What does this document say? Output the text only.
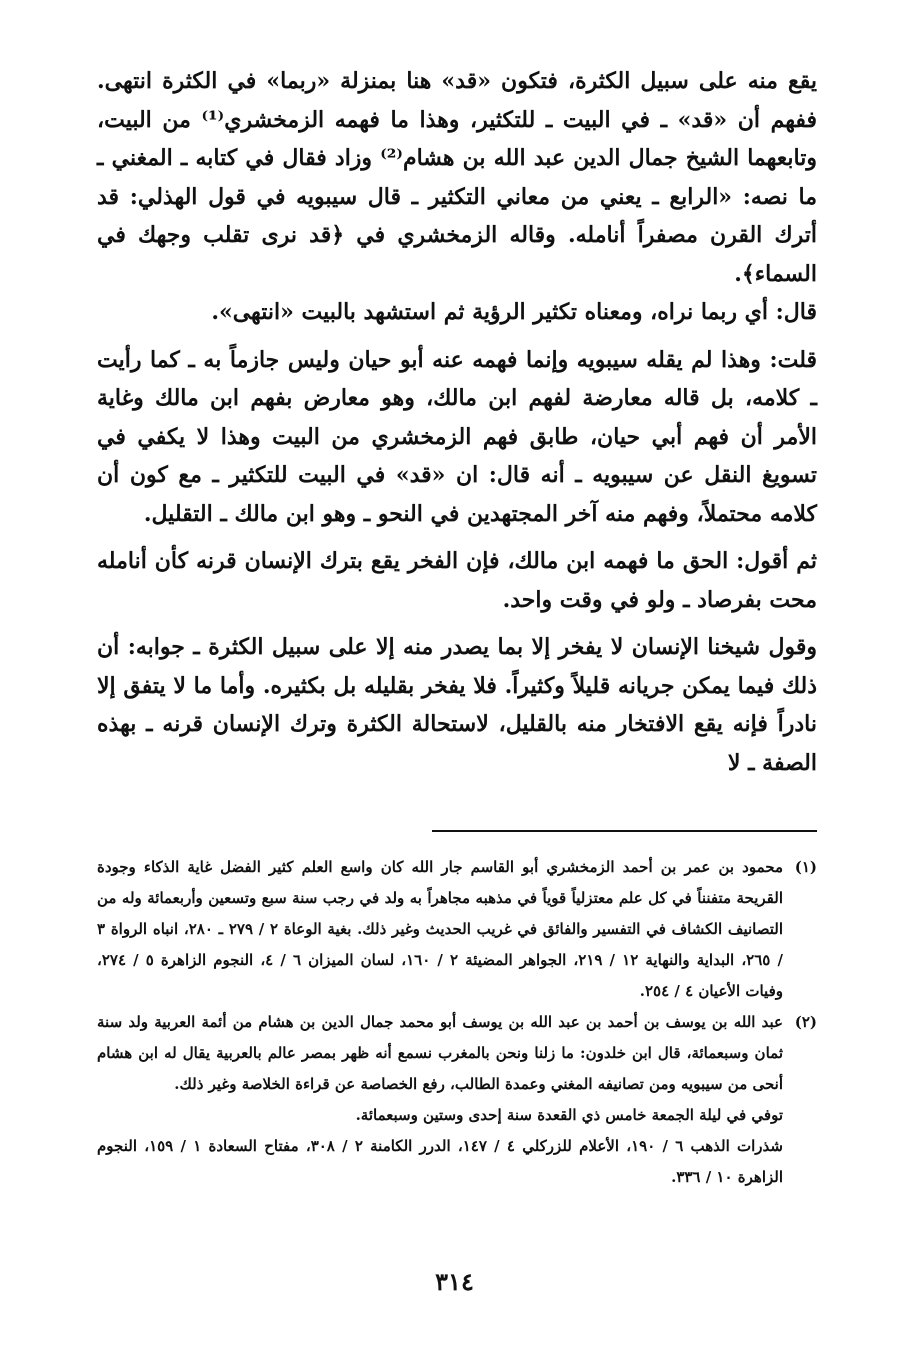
يقع منه على سبيل الكثرة، فتكون «قد» هنا بمنزلة «ربما» في الكثرة انتهى. ففهم أن «قد» ـ في البيت ـ للتكثير، وهذا ما فهمه الزمخشري⁽¹⁾ من البيت، وتابعهما الشيخ جمال الدين عبد الله بن هشام⁽²⁾ وزاد فقال في كتابه ـ المغني ـ ما نصه: «الرابع ـ يعني من معاني التكثير ـ قال سيبويه في قول الهذلي: قد أترك القرن مصفراً أنامله. وقاله الزمخشري في ﴿قد نرى تقلب وجهك في السماء﴾.

قال: أي ربما نراه، ومعناه تكثير الرؤية ثم استشهد بالبيت «انتهى».

قلت: وهذا لم يقله سيبويه وإنما فهمه عنه أبو حيان وليس جازماً به ـ كما رأيت ـ كلامه، بل قاله معارضة لفهم ابن مالك، وهو معارض بفهم ابن مالك وغاية الأمر أن فهم أبي حيان، طابق فهم الزمخشري من البيت وهذا لا يكفي في تسويغ النقل عن سيبويه ـ أنه قال: ان «قد» في البيت للتكثير ـ مع كون أن كلامه محتملاً، وفهم منه آخر المجتهدين في النحو ـ وهو ابن مالك ـ التقليل.

ثم أقول: الحق ما فهمه ابن مالك، فإن الفخر يقع بترك الإنسان قرنه كأن أنامله محت بفرصاد ـ ولو في وقت واحد.

وقول شيخنا الإنسان لا يفخر إلا بما يصدر منه إلا على سبيل الكثرة ـ جوابه: أن ذلك فيما يمكن جريانه قليلاً وكثيراً. فلا يفخر بقليله بل بكثيره. وأما ما لا يتفق إلا نادراً فإنه يقع الافتخار منه بالقليل، لاستحالة الكثرة وترك الإنسان قرنه ـ بهذه الصفة ـ لا

(١)

محمود بن عمر بن أحمد الزمخشري أبو القاسم جار الله كان واسع العلم كثير الفضل غاية الذكاء وجودة القريحة متفنناً في كل علم معتزلياً قوياً في مذهبه مجاهراً به ولد في رجب سنة سبع وتسعين وأربعمائة وله من التصانيف الكشاف في التفسير والفائق في غريب الحديث وغير ذلك. بغية الوعاة ٢ / ٢٧٩ ـ ٢٨٠، انباه الرواة ٣ / ٢٦٥، البداية والنهاية ١٢ / ٢١٩، الجواهر المضيئة ٢ / ١٦٠، لسان الميزان ٦ / ٤، النجوم الزاهرة ٥ / ٢٧٤، وفيات الأعيان ٤ / ٢٥٤.

(٢)

عبد الله بن يوسف بن أحمد بن عبد الله بن يوسف أبو محمد جمال الدين بن هشام من أئمة العربية ولد سنة ثمان وسبعمائة، قال ابن خلدون: ما زلنا ونحن بالمغرب نسمع أنه ظهر بمصر عالم بالعربية يقال له ابن هشام أنحى من سيبويه ومن تصانيفه المغني وعمدة الطالب، رفع الخصاصة عن قراءة الخلاصة وغير ذلك.

توفي في ليلة الجمعة خامس ذي القعدة سنة إحدى وستين وسبعمائة.

شذرات الذهب ٦ / ١٩٠، الأعلام للزركلي ٤ / ١٤٧، الدرر الكامنة ٢ / ٣٠٨، مفتاح السعادة ١ / ١٥٩، النجوم الزاهرة ١٠ / ٣٣٦.

٣١٤
